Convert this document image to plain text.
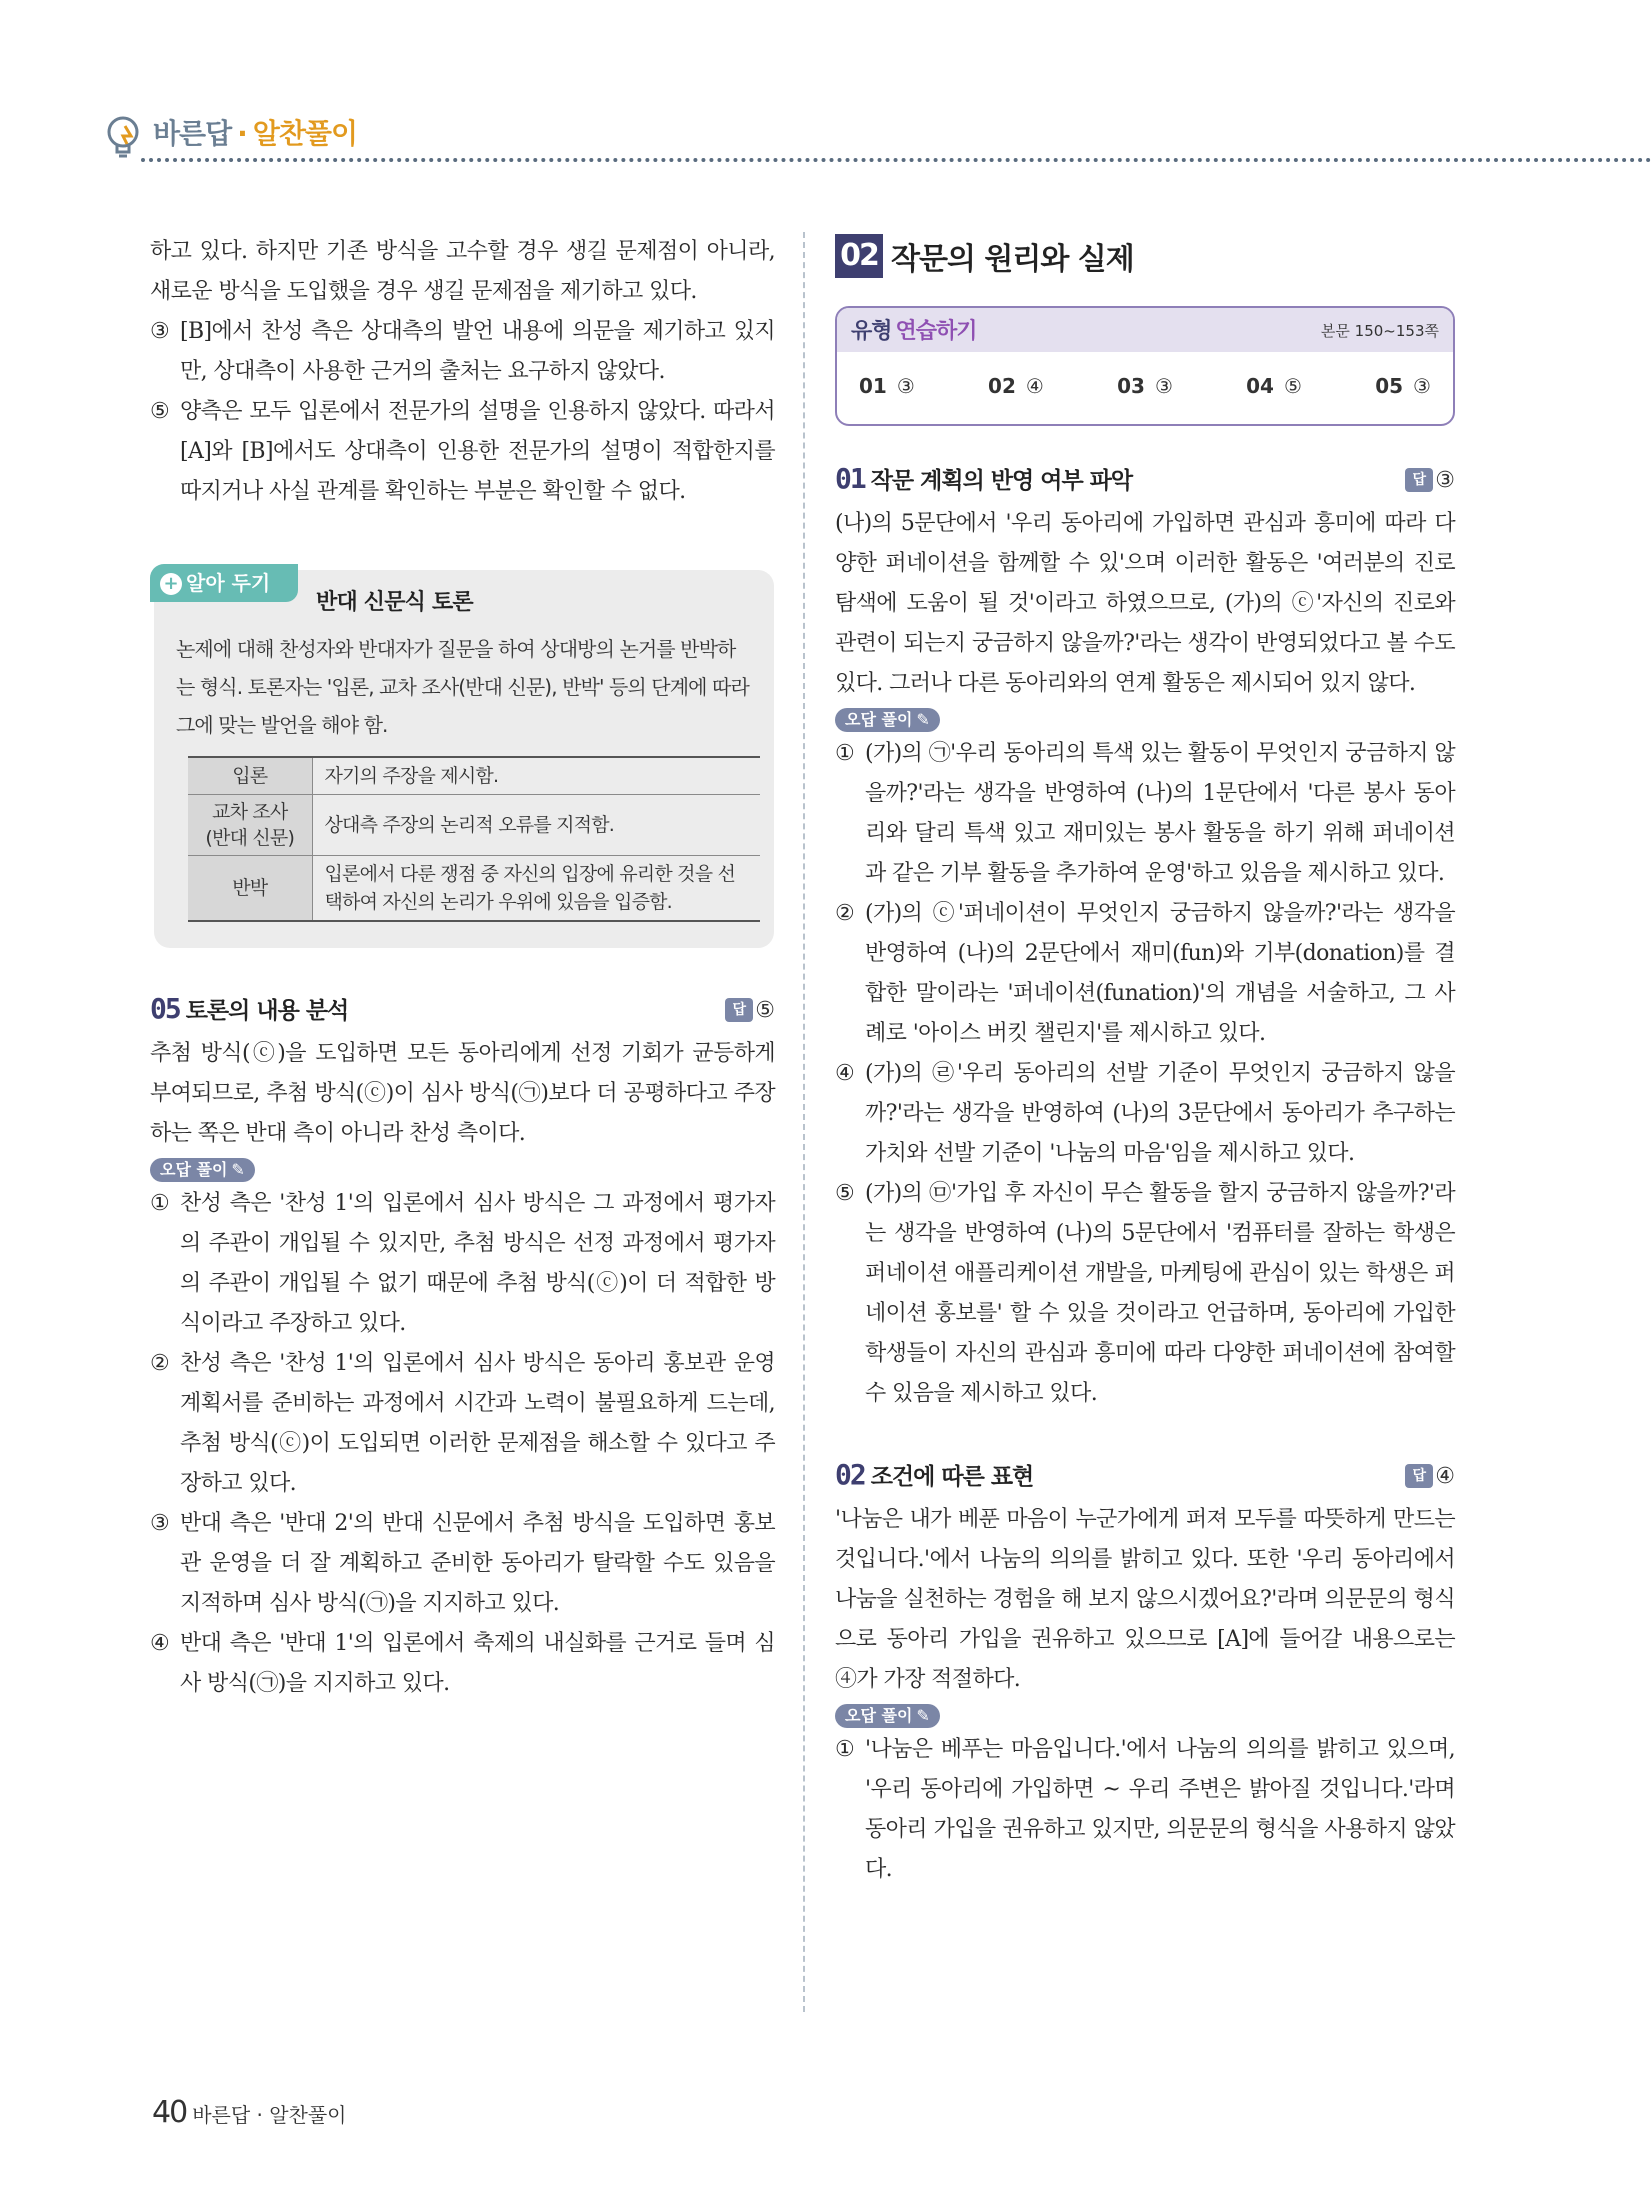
바른답 · 알찬풀이

하고 있다. 하지만 기존 방식을 고수할 경우 생길 문제점이 아니라, 새로운 방식을 도입했을 경우 생길 문제점을 제기하고 있다.

③ [B]에서 찬성 측은 상대측의 발언 내용에 의문을 제기하고 있지만, 상대측이 사용한 근거의 출처는 요구하지 않았다.
⑤ 양측은 모두 입론에서 전문가의 설명을 인용하지 않았다. 따라서 [A]와 [B]에서도 상대측이 인용한 전문가의 설명이 적합한지를 따지거나 사실 관계를 확인하는 부분은 확인할 수 없다.
+ 알아 두기
반대 신문식 토론
논제에 대해 찬성자와 반대자가 질문을 하여 상대방의 논거를 반박하는 형식. 토론자는 '입론, 교차 조사(반대 신문), 반박' 등의 단계에 따라 그에 맞는 발언을 해야 함.
입론	자기의 주장을 제시함.
교차 조사
(반대 신문)	상대측 주장의 논리적 오류를 지적함.
반박	입론에서 다룬 쟁점 중 자신의 입장에 유리한 것을 선택하여 자신의 논리가 우위에 있음을 입증함.
05 토론의 내용 분석	답 ⑤

추첨 방식(ⓒ)을 도입하면 모든 동아리에게 선정 기회가 균등하게 부여되므로, 추첨 방식(ⓒ)이 심사 방식(㉠)보다 더 공평하다고 주장하는 쪽은 반대 측이 아니라 찬성 측이다.

오답 풀이 ✎
① 찬성 측은 '찬성 1'의 입론에서 심사 방식은 그 과정에서 평가자의 주관이 개입될 수 있지만, 추첨 방식은 선정 과정에서 평가자의 주관이 개입될 수 없기 때문에 추첨 방식(ⓒ)이 더 적합한 방식이라고 주장하고 있다.
② 찬성 측은 '찬성 1'의 입론에서 심사 방식은 동아리 홍보관 운영 계획서를 준비하는 과정에서 시간과 노력이 불필요하게 드는데, 추첨 방식(ⓒ)이 도입되면 이러한 문제점을 해소할 수 있다고 주장하고 있다.
③ 반대 측은 '반대 2'의 반대 신문에서 추첨 방식을 도입하면 홍보관 운영을 더 잘 계획하고 준비한 동아리가 탈락할 수도 있음을 지적하며 심사 방식(㉠)을 지지하고 있다.
④ 반대 측은 '반대 1'의 입론에서 축제의 내실화를 근거로 들며 심사 방식(㉠)을 지지하고 있다.
02 작문의 원리와 실제
유형 연습하기	본문 150~153쪽
01 ③	02 ④	03 ③	04 ⑤	05 ③
01 작문 계획의 반영 여부 파악	답 ③

(나)의 5문단에서 '우리 동아리에 가입하면 관심과 흥미에 따라 다양한 퍼네이션을 함께할 수 있'으며 이러한 활동은 '여러분의 진로 탐색에 도움이 될 것'이라고 하였으므로, (가)의 ⓒ'자신의 진로와 관련이 되는지 궁금하지 않을까?'라는 생각이 반영되었다고 볼 수도 있다. 그러나 다른 동아리와의 연계 활동은 제시되어 있지 않다.

오답 풀이 ✎
① (가)의 ㉠'우리 동아리의 특색 있는 활동이 무엇인지 궁금하지 않을까?'라는 생각을 반영하여 (나)의 1문단에서 '다른 봉사 동아리와 달리 특색 있고 재미있는 봉사 활동을 하기 위해 퍼네이션과 같은 기부 활동을 추가하여 운영'하고 있음을 제시하고 있다.
② (가)의 ⓒ'퍼네이션이 무엇인지 궁금하지 않을까?'라는 생각을 반영하여 (나)의 2문단에서 재미(fun)와 기부(donation)를 결합한 말이라는 '퍼네이션(funation)'의 개념을 서술하고, 그 사례로 '아이스 버킷 챌린지'를 제시하고 있다.
④ (가)의 ㉣'우리 동아리의 선발 기준이 무엇인지 궁금하지 않을까?'라는 생각을 반영하여 (나)의 3문단에서 동아리가 추구하는 가치와 선발 기준이 '나눔의 마음'임을 제시하고 있다.
⑤ (가)의 ㉤'가입 후 자신이 무슨 활동을 할지 궁금하지 않을까?'라는 생각을 반영하여 (나)의 5문단에서 '컴퓨터를 잘하는 학생은 퍼네이션 애플리케이션 개발을, 마케팅에 관심이 있는 학생은 퍼네이션 홍보를' 할 수 있을 것이라고 언급하며, 동아리에 가입한 학생들이 자신의 관심과 흥미에 따라 다양한 퍼네이션에 참여할 수 있음을 제시하고 있다.
02 조건에 따른 표현	답 ④

'나눔은 내가 베푼 마음이 누군가에게 퍼져 모두를 따뜻하게 만드는 것입니다.'에서 나눔의 의의를 밝히고 있다. 또한 '우리 동아리에서 나눔을 실천하는 경험을 해 보지 않으시겠어요?'라며 의문문의 형식으로 동아리 가입을 권유하고 있으므로 [A]에 들어갈 내용으로는 ④가 가장 적절하다.

오답 풀이 ✎
① '나눔은 베푸는 마음입니다.'에서 나눔의 의의를 밝히고 있으며, '우리 동아리에 가입하면 ~ 우리 주변은 밝아질 것입니다.'라며 동아리 가입을 권유하고 있지만, 의문문의 형식을 사용하지 않았다.
40 바른답 · 알찬풀이
